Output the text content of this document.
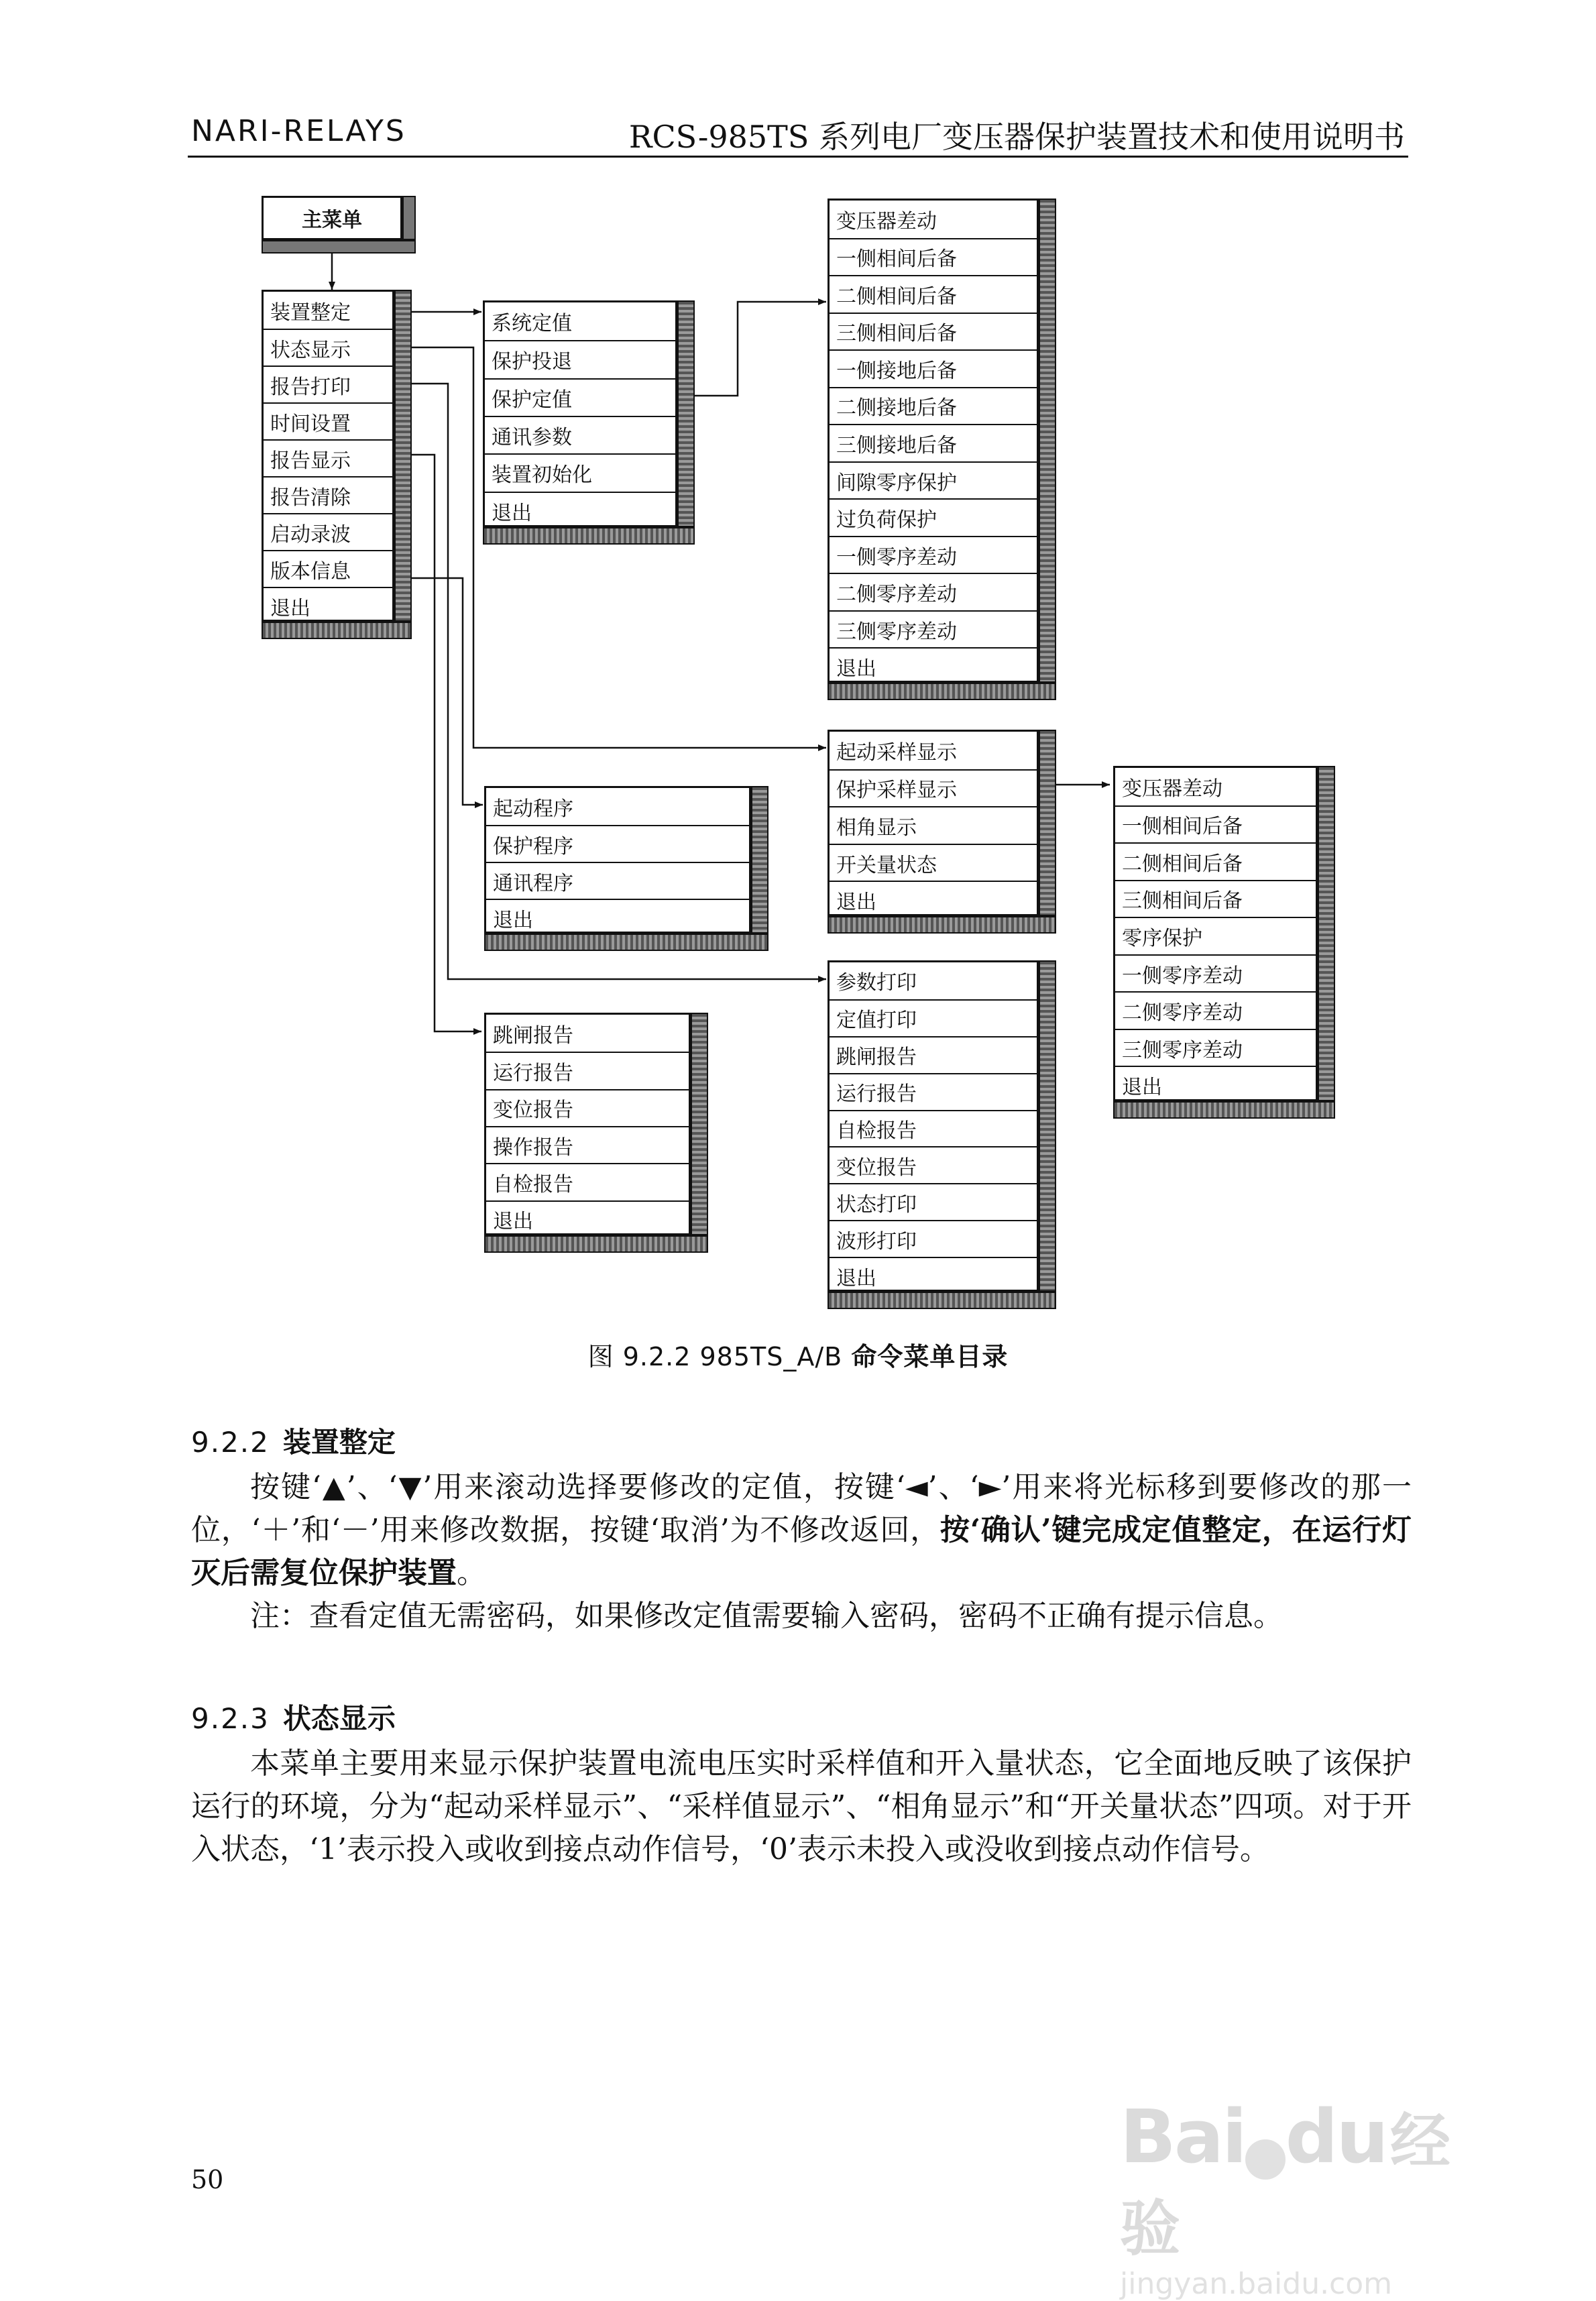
NARI-RELAYS	RCS-985TS 系列电厂变压器保护装置技术和使用说明书
主菜单
装置整定
状态显示
报告打印
时间设置
报告显示
报告清除
启动录波
版本信息
退出
系统定值
保护投退
保护定值
通讯参数
装置初始化
退出
变压器差动
一侧相间后备
二侧相间后备
三侧相间后备
一侧接地后备
二侧接地后备
三侧接地后备
间隙零序保护
过负荷保护
一侧零序差动
二侧零序差动
三侧零序差动
退出
起动采样显示
保护采样显示
相角显示
开关量状态
退出
变压器差动
一侧相间后备
二侧相间后备
三侧相间后备
零序保护
一侧零序差动
二侧零序差动
三侧零序差动
退出
起动程序
保护程序
通讯程序
退出
参数打印
定值打印
跳闸报告
运行报告
自检报告
变位报告
状态打印
波形打印
退出
跳闸报告
运行报告
变位报告
操作报告
自检报告
退出
图 9.2.2 985TS_A/B 命令菜单目录
9.2.2 装置整定
按键‘▲’、‘▼’用来滚动选择要修改的定值，按键‘◄’、‘►’用来将光标移到要修改的那一位，‘＋’和‘－’用来修改数据，按键‘取消’为不修改返回，按‘确认’键完成定值整定，在运行灯灭后需复位保护装置。
注：查看定值无需密码，如果修改定值需要输入密码，密码不正确有提示信息。
9.2.3 状态显示
本菜单主要用来显示保护装置电流电压实时采样值和开入量状态，它全面地反映了该保护运行的环境，分为“起动采样显示”、“采样值显示”、“相角显示”和“开关量状态”四项。对于开入状态，‘1’表示投入或收到接点动作信号，‘0’表示未投入或没收到接点动作信号。
50	Bai du 经验
jingyan.baidu.com
